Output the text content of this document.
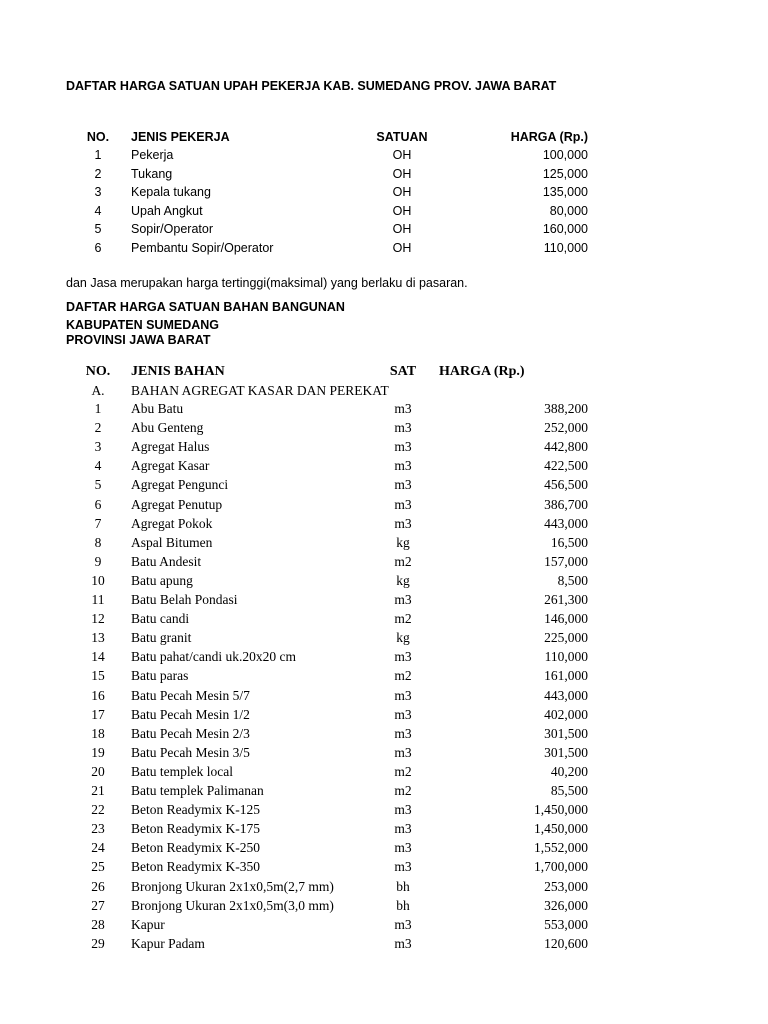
DAFTAR HARGA SATUAN UPAH PEKERJA KAB. SUMEDANG PROV. JAWA BARAT
NO.	JENIS PEKERJA	SATUAN	HARGA (Rp.)
1	Pekerja	OH	100,000
2	Tukang	OH	125,000
3	Kepala tukang	OH	135,000
4	Upah Angkut	OH	80,000
5	Sopir/Operator	OH	160,000
6	Pembantu Sopir/Operator	OH	110,000
dan Jasa merupakan harga tertinggi(maksimal) yang berlaku di pasaran.
DAFTAR HARGA SATUAN BAHAN BANGUNAN
KABUPATEN SUMEDANG
PROVINSI JAWA BARAT
NO.	JENIS BAHAN	SAT	HARGA (Rp.)
A.	BAHAN AGREGAT KASAR DAN PEREKAT
1	Abu Batu	m3	388,200
2	Abu Genteng	m3	252,000
3	Agregat Halus	m3	442,800
4	Agregat Kasar	m3	422,500
5	Agregat Pengunci	m3	456,500
6	Agregat Penutup	m3	386,700
7	Agregat Pokok	m3	443,000
8	Aspal Bitumen	kg	16,500
9	Batu Andesit	m2	157,000
10	Batu apung	kg	8,500
11	Batu Belah Pondasi	m3	261,300
12	Batu candi	m2	146,000
13	Batu granit	kg	225,000
14	Batu pahat/candi uk.20x20 cm	m3	110,000
15	Batu paras	m2	161,000
16	Batu Pecah Mesin 5/7	m3	443,000
17	Batu Pecah Mesin 1/2	m3	402,000
18	Batu Pecah Mesin 2/3	m3	301,500
19	Batu Pecah Mesin 3/5	m3	301,500
20	Batu templek local	m2	40,200
21	Batu templek Palimanan	m2	85,500
22	Beton Readymix K-125	m3	1,450,000
23	Beton Readymix K-175	m3	1,450,000
24	Beton Readymix K-250	m3	1,552,000
25	Beton Readymix K-350	m3	1,700,000
26	Bronjong Ukuran 2x1x0,5m(2,7 mm)	bh	253,000
27	Bronjong Ukuran 2x1x0,5m(3,0 mm)	bh	326,000
28	Kapur	m3	553,000
29	Kapur Padam	m3	120,600
